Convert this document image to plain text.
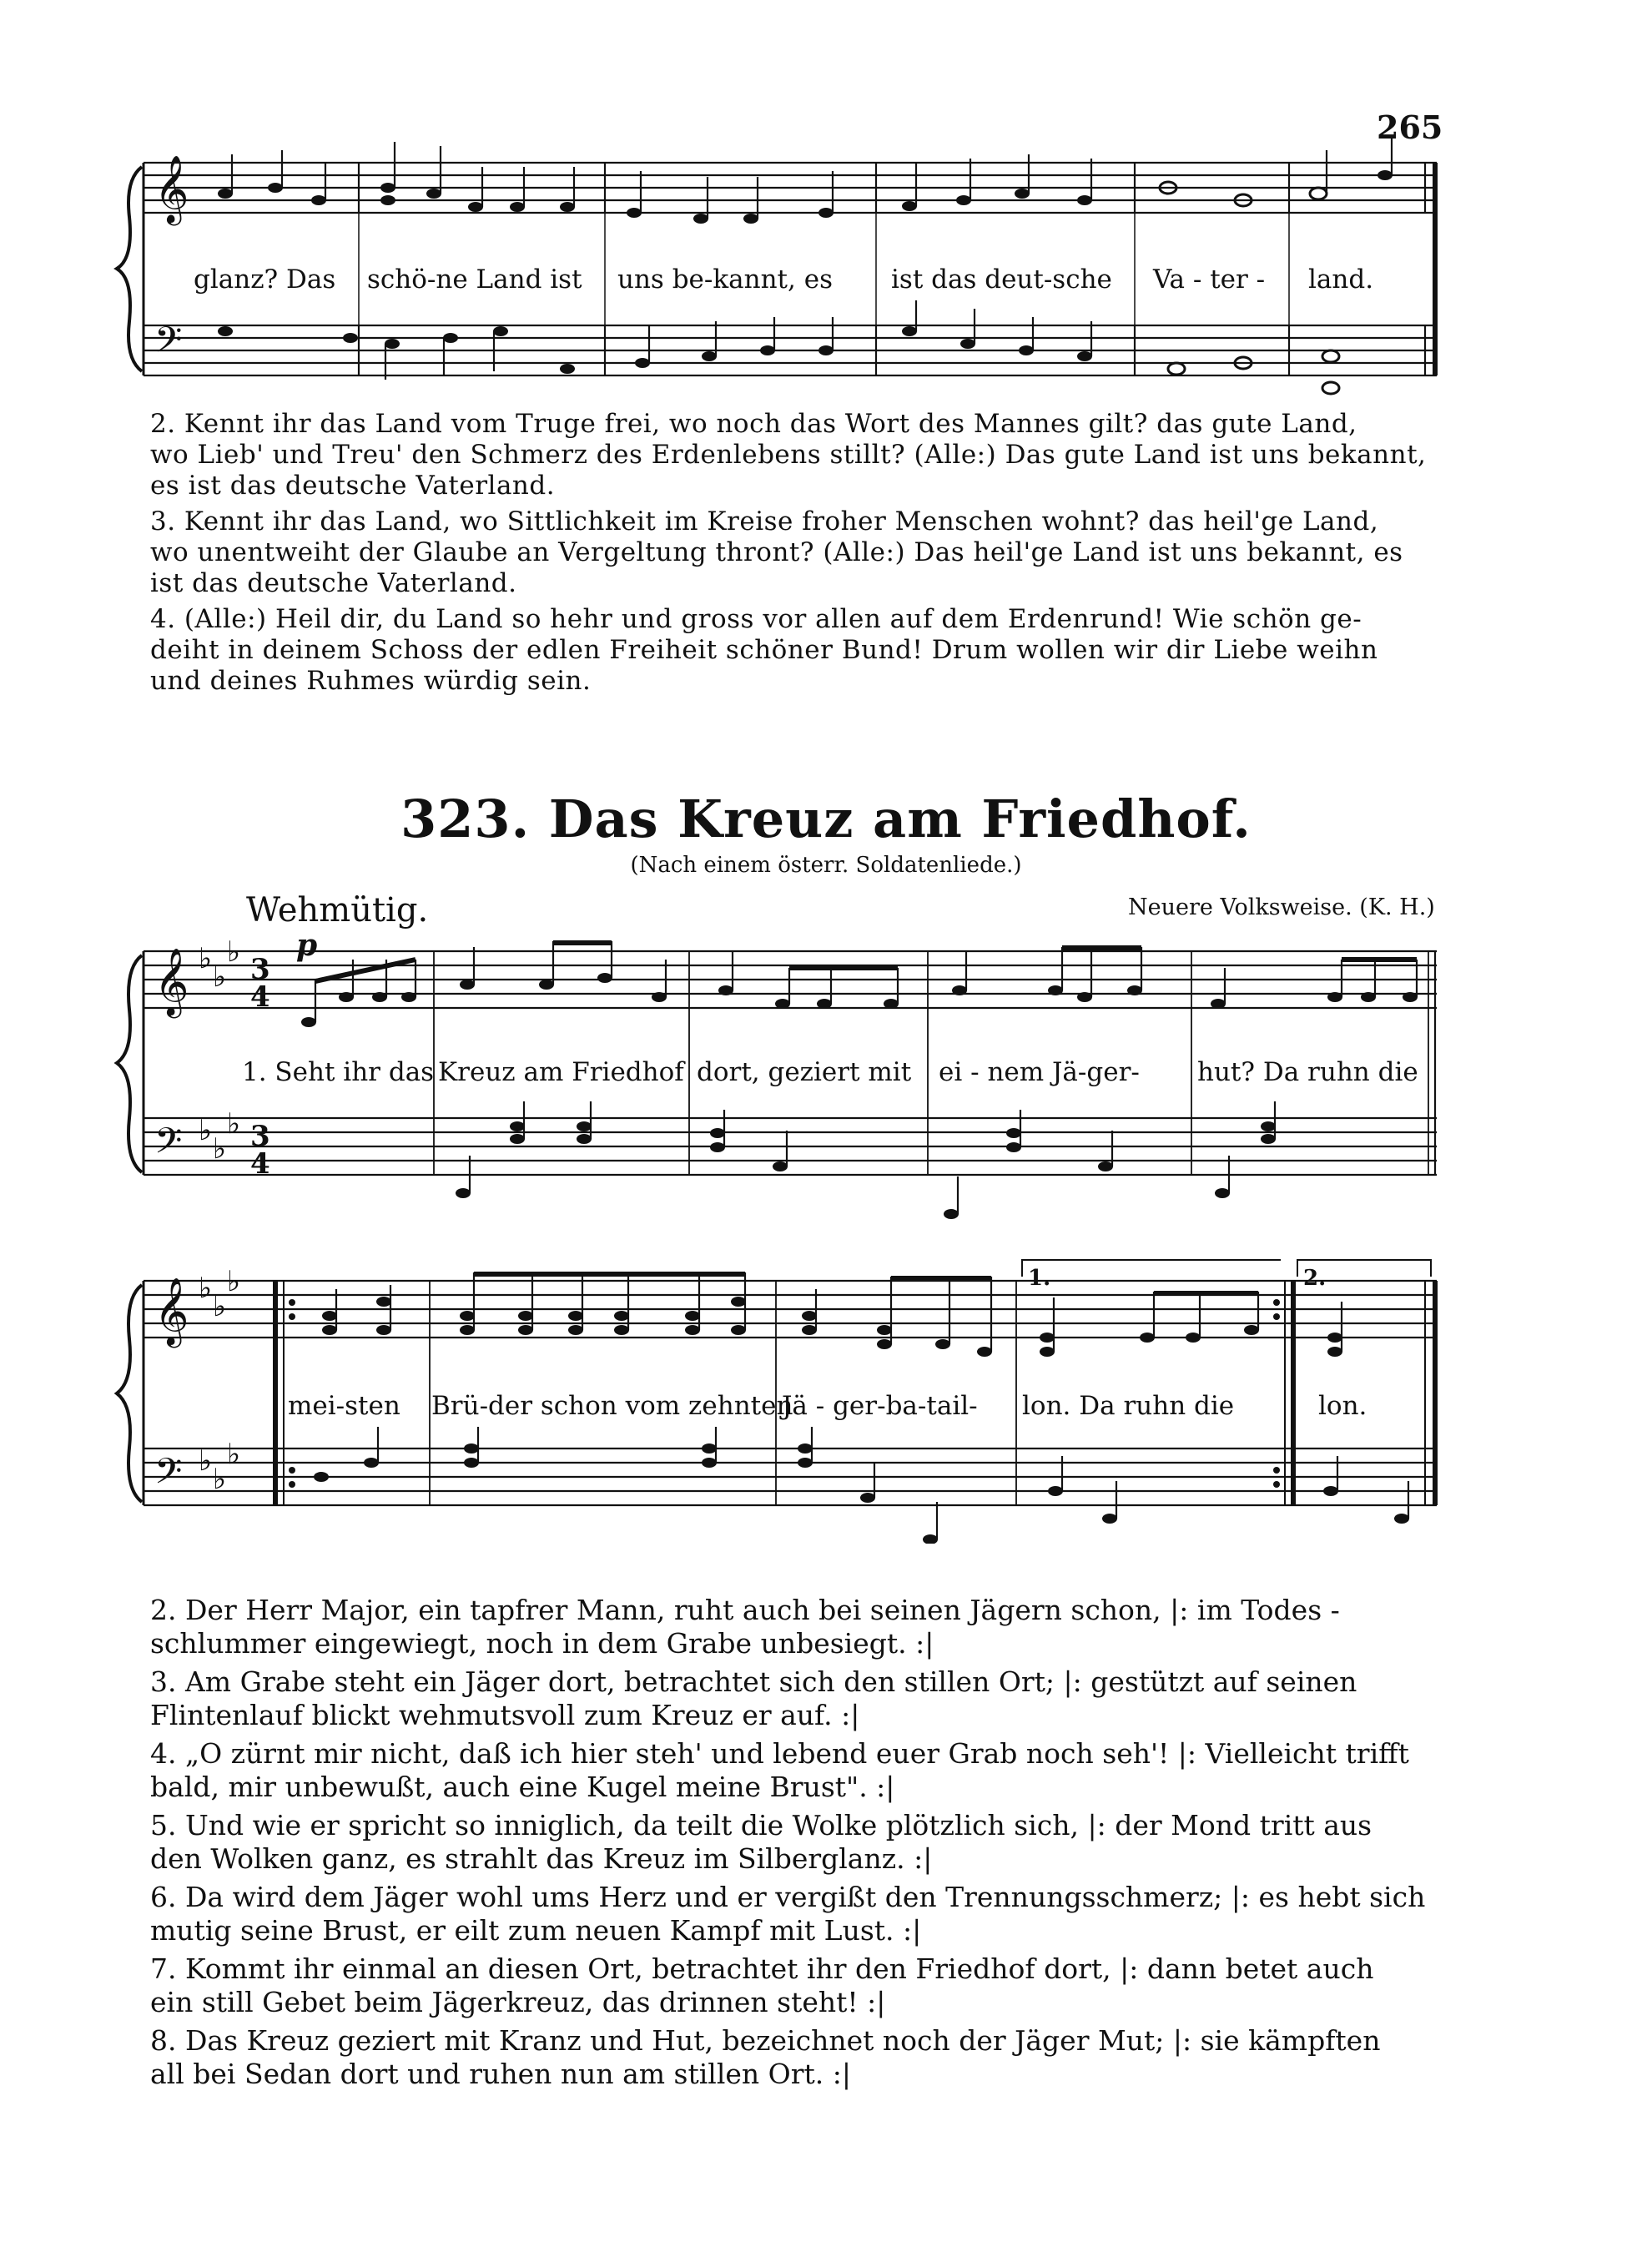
265
𝄞
𝄢
glanz? Das schö-ne Land ist uns be-kannt, es ist das deut-sche Va - ter - land.
2. Kennt ihr das Land vom Truge frei, wo noch das Wort des Mannes gilt? das gute Land,
wo Lieb' und Treu' den Schmerz des Erdenlebens stillt? (Alle:) Das gute Land ist uns bekannt,
es ist das deutsche Vaterland.
3. Kennt ihr das Land, wo Sittlichkeit im Kreise froher Menschen wohnt? das heil'ge Land,
wo unentweiht der Glaube an Vergeltung thront? (Alle:) Das heil'ge Land ist uns bekannt, es
ist das deutsche Vaterland.
4. (Alle:) Heil dir, du Land so hehr und gross vor allen auf dem Erdenrund! Wie schön ge-
deiht in deinem Schoss der edlen Freiheit schöner Bund! Drum wollen wir dir Liebe weihn
und deines Ruhmes würdig sein.
323. Das Kreuz am Friedhof.
(Nach einem österr. Soldatenliede.)
Wehmütig.	Neuere Volksweise. (K. H.)
𝄞
𝄢
♭
♭
♭
♭
♭
♭
3
4
3
4
p
1. Seht ihr das Kreuz am Friedhof dort, geziert mit ei - nem Jä-ger- hut? Da ruhn die
1.	2.
𝄞
𝄢
♭
♭
♭
♭
♭
♭
mei-sten Brü-der schon vom zehnten
Jä - ger-ba-tail- lon. Da ruhn die	lon.
2. Der Herr Major, ein tapfrer Mann, ruht auch bei seinen Jägern schon, |: im Todes -
schlummer eingewiegt, noch in dem Grabe unbesiegt. :|
3. Am Grabe steht ein Jäger dort, betrachtet sich den stillen Ort; |: gestützt auf seinen
Flintenlauf blickt wehmutsvoll zum Kreuz er auf. :|
4. „O zürnt mir nicht, daß ich hier steh' und lebend euer Grab noch seh'! |: Vielleicht trifft
bald, mir unbewußt, auch eine Kugel meine Brust". :|
5. Und wie er spricht so inniglich, da teilt die Wolke plötzlich sich, |: der Mond tritt aus
den Wolken ganz, es strahlt das Kreuz im Silberglanz. :|
6. Da wird dem Jäger wohl ums Herz und er vergißt den Trennungsschmerz; |: es hebt sich
mutig seine Brust, er eilt zum neuen Kampf mit Lust. :|
7. Kommt ihr einmal an diesen Ort, betrachtet ihr den Friedhof dort, |: dann betet auch
ein still Gebet beim Jägerkreuz, das drinnen steht! :|
8. Das Kreuz geziert mit Kranz und Hut, bezeichnet noch der Jäger Mut; |: sie kämpften
all bei Sedan dort und ruhen nun am stillen Ort. :|
